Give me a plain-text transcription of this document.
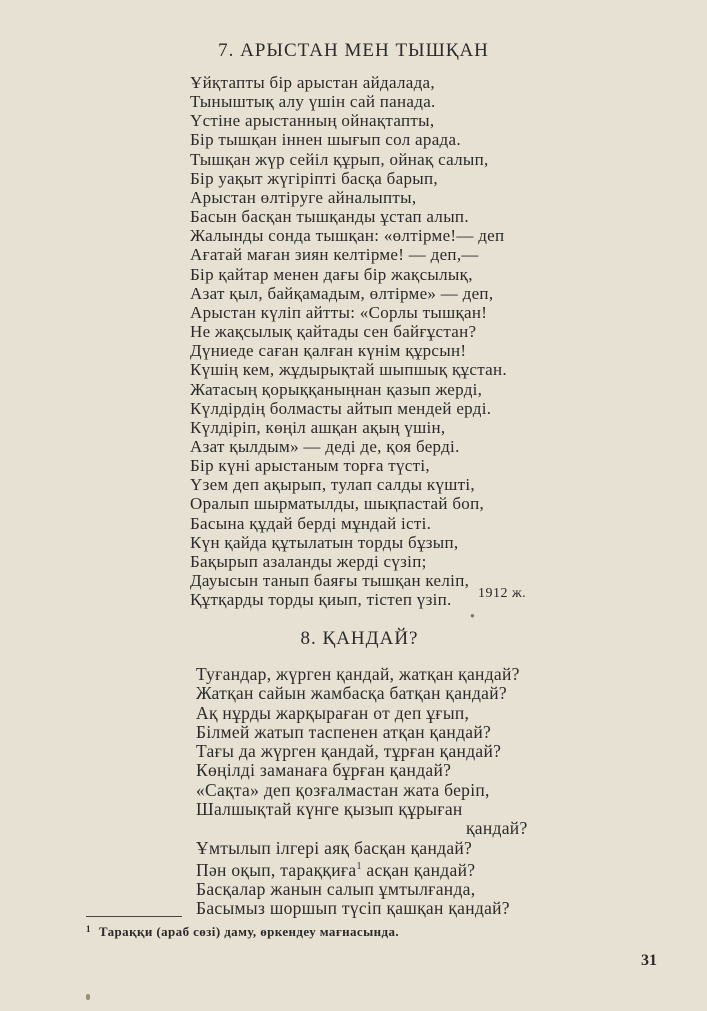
7. АРЫСТАН МЕН ТЫШҚАН
Ұйқтапты бір арыстан айдалада,
Тыныштық алу үшін сай панада.
Үстіне арыстанның ойнақтапты,
Бір тышқан іннен шығып сол арада.
Тышқан жүр сейіл құрып, ойнақ салып,
Бір уақыт жүгіріпті басқа барып,
Арыстан өлтіруге айналыпты,
Басын басқан тышқанды ұстап алып.
Жалынды сонда тышқан: «өлтірме!— деп
Ағатай маған зиян келтірме! — деп,—
Бір қайтар менен дағы бір жақсылық,
Азат қыл, байқамадым, өлтірме» — деп,
Арыстан күліп айтты: «Сорлы тышқан!
Не жақсылық қайтады сен байғұстан?
Дүниеде саған қалған күнім құрсын!
Күшің кем, жұдырықтай шыпшық құстан.
Жатасың қорыққаныңнан қазып жерді,
Күлдірдің болмасты айтып мендей ерді.
Күлдіріп, көңіл ашқан ақың үшін,
Азат қылдым» — деді де, қоя берді.
Бір күні арыстаным торға түсті,
Үзем деп ақырып, тулап салды күшті,
Оралып шырматылды, шықпастай боп,
Басына құдай берді мұндай істі.
Күн қайда құтылатын торды бұзып,
Бақырып азаланды жерді сүзіп;
Дауысын танып баяғы тышқан келіп,
Құтқарды торды қиып, тістеп үзіп.	1912 ж.
●
8. ҚАНДАЙ?
Туғандар, жүрген қандай, жатқан қандай?
Жатқан сайын жамбасқа батқан қандай?
Ақ нұрды жарқыраған от деп ұғып,
Білмей жатып таспенен атқан қандай?
Тағы да жүрген қандай, тұрған қандай?
Көңілді заманаға бұрған қандай?
«Сақта» деп қозғалмастан жата беріп,
Шалшықтай күнге қызып құрыған
қандай?
Ұмтылып ілгері аяқ басқан қандай?
Пән оқып, тараққиға$^1$ асқан қандай?
Басқалар жанын салып ұмтылғанда,
Басымыз шоршып түсіп қашқан қандай?
$^1$ Тараққи (араб сөзі) даму, өркендеу мағнасында.
31
